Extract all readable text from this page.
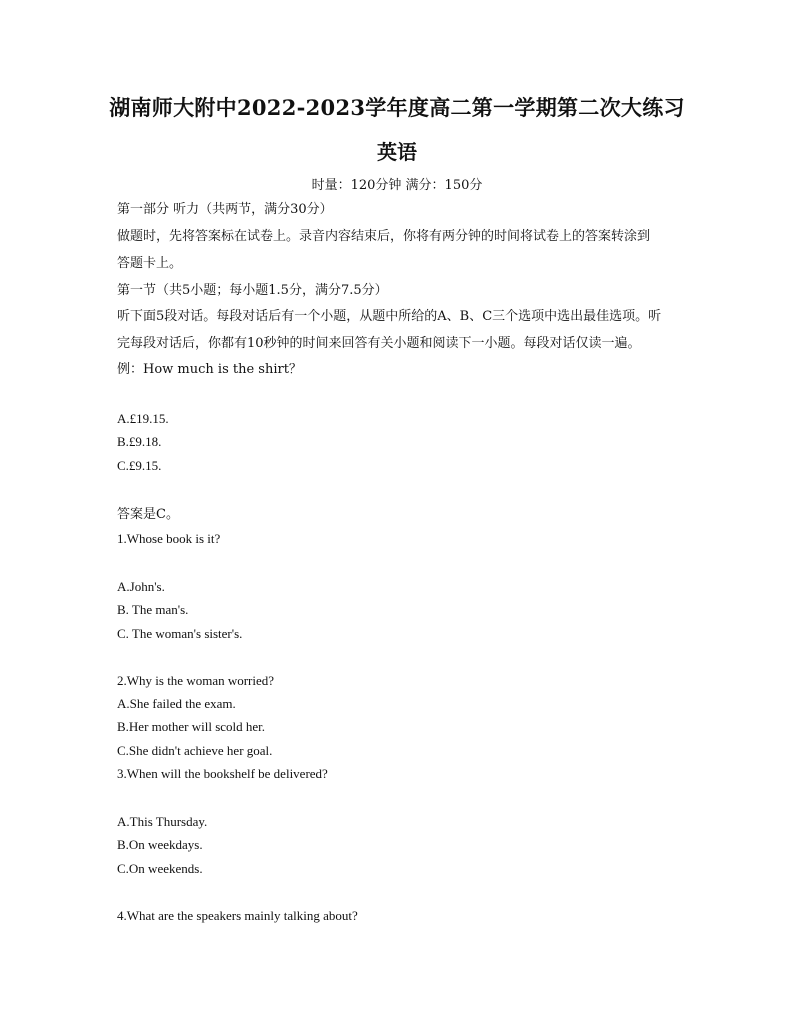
湖南师大附中2022-2023学年度高二第一学期第二次大练习
英语
时量：120分钟 满分：150分
第一部分 听力（共两节，满分30分）
做题时，先将答案标在试卷上。录音内容结束后，你将有两分钟的时间将试卷上的答案转涂到
答题卡上。
第一节（共5小题；每小题1.5分，满分7.5分）
听下面5段对话。每段对话后有一个小题，从题中所给的A、B、C三个选项中选出最佳选项。听
完每段对话后，你都有10秒钟的时间来回答有关小题和阅读下一小题。每段对话仅读一遍。
例：How much is the shirt？
A.£19.15.
B.£9.18.
C.£9.15.
答案是C。
1.Whose book is it?
A.John's.
B. The man's.
C. The woman's sister's.
2.Why is the woman worried?
A.She failed the exam.
B.Her mother will scold her.
C.She didn't achieve her goal.
3.When will the bookshelf be delivered?
A.This Thursday.
B.On weekdays.
C.On weekends.
4.What are the speakers mainly talking about?
